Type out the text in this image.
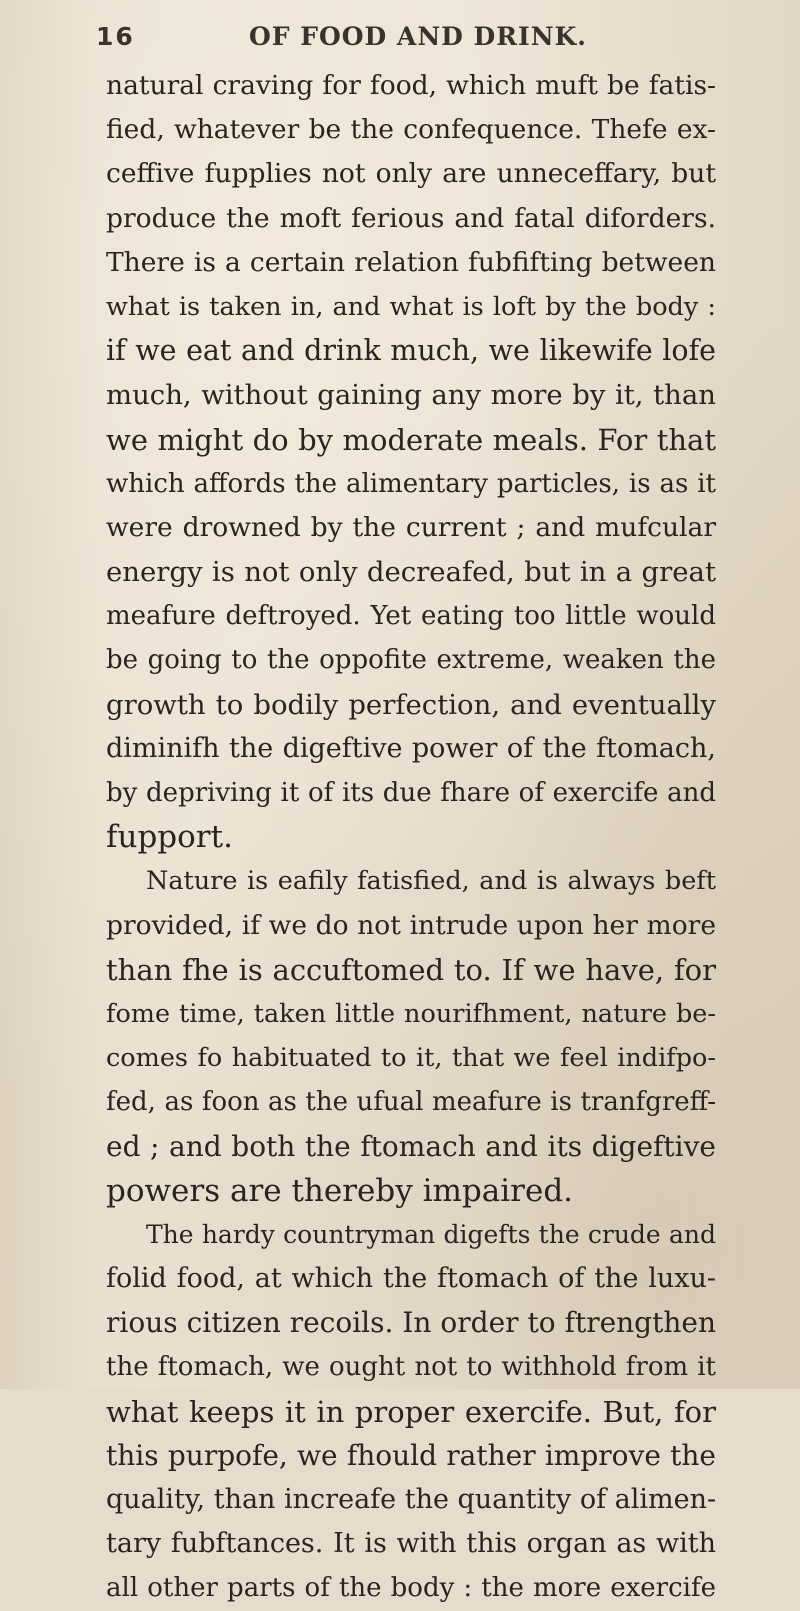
16	OF FOOD AND DRINK.
natural craving for food, which muft be fatis-
fied, whatever be the confequence. Thefe ex-
ceffive fupplies not only are unneceffary, but
produce the moft ferious and fatal diforders.
There is a certain relation fubfifting between
what is taken in, and what is loft by the body :
if we eat and drink much, we likewife lofe
much, without gaining any more by it, than
we might do by moderate meals. For that
which affords the alimentary particles, is as it
were drowned by the current ; and mufcular
energy is not only decreafed, but in a great
meafure deftroyed. Yet eating too little would
be going to the oppofite extreme, weaken the
growth to bodily perfection, and eventually
diminifh the digeftive power of the ftomach,
by depriving it of its due fhare of exercife and
fupport.
Nature is eafily fatisfied, and is always beft
provided, if we do not intrude upon her more
than fhe is accuftomed to. If we have, for
fome time, taken little nourifhment, nature be-
comes fo habituated to it, that we feel indifpo-
fed, as foon as the ufual meafure is tranfgreff-
ed ; and both the ftomach and its digeftive
powers are thereby impaired.
The hardy countryman digefts the crude and
folid food, at which the ftomach of the luxu-
rious citizen recoils. In order to ftrengthen
the ftomach, we ought not to withhold from it
what keeps it in proper exercife. But, for
this purpofe, we fhould rather improve the
quality, than increafe the quantity of alimen-
tary fubftances. It is with this organ as with
all other parts of the body : the more exercife
